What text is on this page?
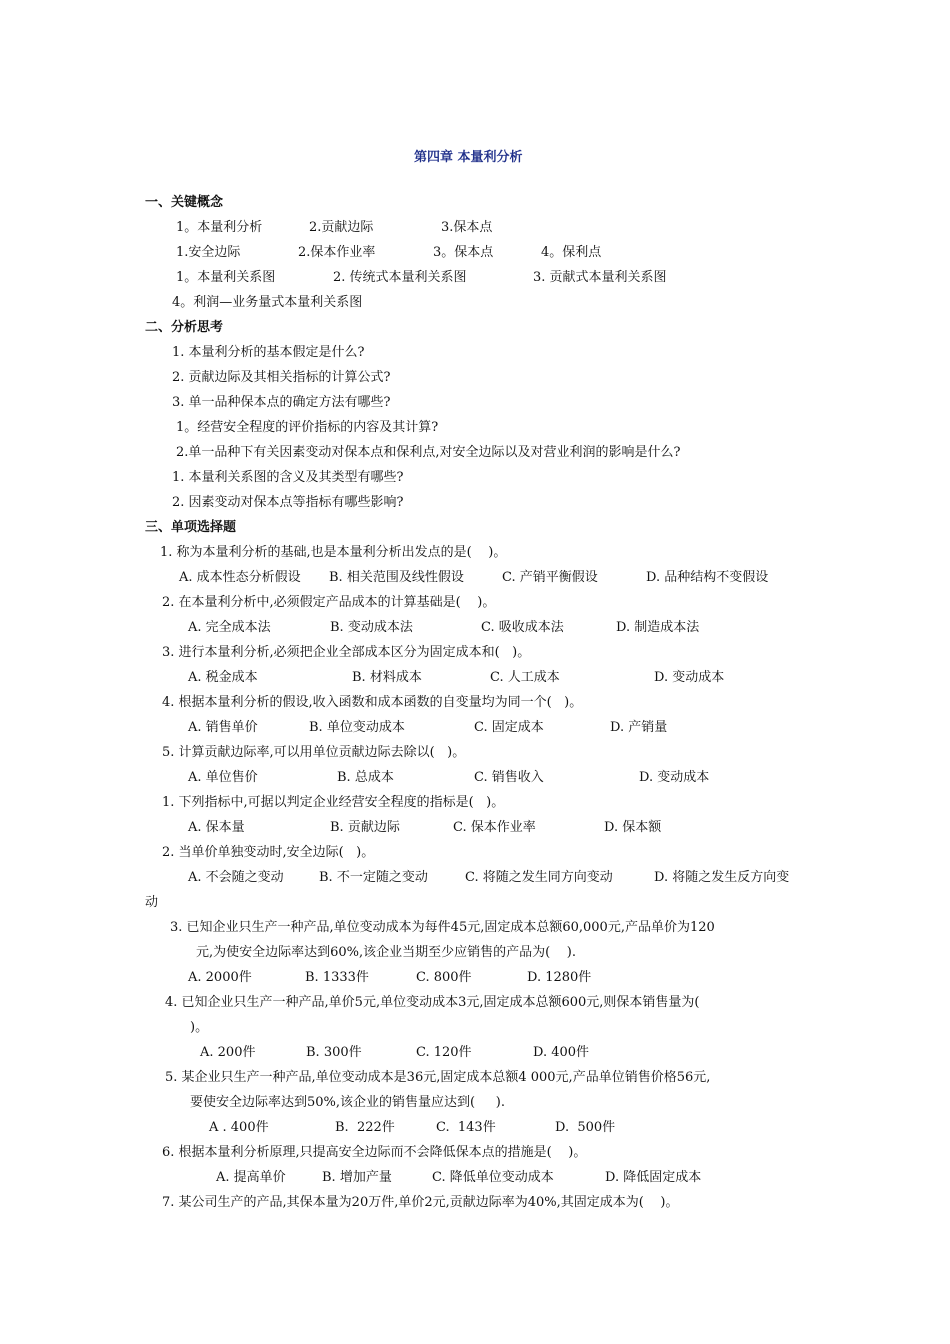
第四章 本量利分析
一、关键概念
1。本量利分析	2.贡献边际	3.保本点
1.安全边际	2.保本作业率	3。保本点	4。保利点
1。本量利关系图	2. 传统式本量利关系图	3. 贡献式本量利关系图
4。利润—业务量式本量利关系图
二、分析思考
1. 本量利分析的基本假定是什么?
2. 贡献边际及其相关指标的计算公式?
3. 单一品种保本点的确定方法有哪些?
1。经营安全程度的评价指标的内容及其计算?
2.单一品种下有关因素变动对保本点和保利点,对安全边际以及对营业利润的影响是什么?
1. 本量利关系图的含义及其类型有哪些?
2. 因素变动对保本点等指标有哪些影响?
三、单项选择题
1. 称为本量利分析的基础,也是本量利分析出发点的是(    )。
A. 成本性态分析假设 B. 相关范围及线性假设	C. 产销平衡假设	D. 品种结构不变假设
2. 在本量利分析中,必须假定产品成本的计算基础是(    )。
A. 完全成本法	B. 变动成本法	C. 吸收成本法	D. 制造成本法
3. 进行本量利分析,必须把企业全部成本区分为固定成本和(   )。
A. 税金成本	B. 材料成本	C. 人工成本	D. 变动成本
4. 根据本量利分析的假设,收入函数和成本函数的自变量均为同一个(   )。
A. 销售单价	B. 单位变动成本	C. 固定成本	D. 产销量
5. 计算贡献边际率,可以用单位贡献边际去除以(   )。
A. 单位售价	B. 总成本	C. 销售收入	D. 变动成本
1. 下列指标中,可据以判定企业经营安全程度的指标是(   )。
A. 保本量	B. 贡献边际	C. 保本作业率	D. 保本额
2. 当单价单独变动时,安全边际(   )。
A. 不会随之变动	B. 不一定随之变动	C. 将随之发生同方向变动	D. 将随之发生反方向变
动
3. 已知企业只生产一种产品,单位变动成本为每件45元,固定成本总额60,000元,产品单价为120
元,为使安全边际率达到60%,该企业当期至少应销售的产品为(    ).
A. 2000件	B. 1333件	C. 800件	D. 1280件
4. 已知企业只生产一种产品,单价5元,单位变动成本3元,固定成本总额600元,则保本销售量为(
)。
A. 200件	B. 300件	C. 120件	D. 400件
5. 某企业只生产一种产品,单位变动成本是36元,固定成本总额4 000元,产品单位销售价格56元,
要使安全边际率达到50%,该企业的销售量应达到(     ).
A . 400件	B.  222件	C.  143件	D.  500件
6. 根据本量利分析原理,只提高安全边际而不会降低保本点的措施是(    )。
A. 提高单价	B. 增加产量	C. 降低单位变动成本	D. 降低固定成本
7. 某公司生产的产品,其保本量为20万件,单价2元,贡献边际率为40%,其固定成本为(    )。
